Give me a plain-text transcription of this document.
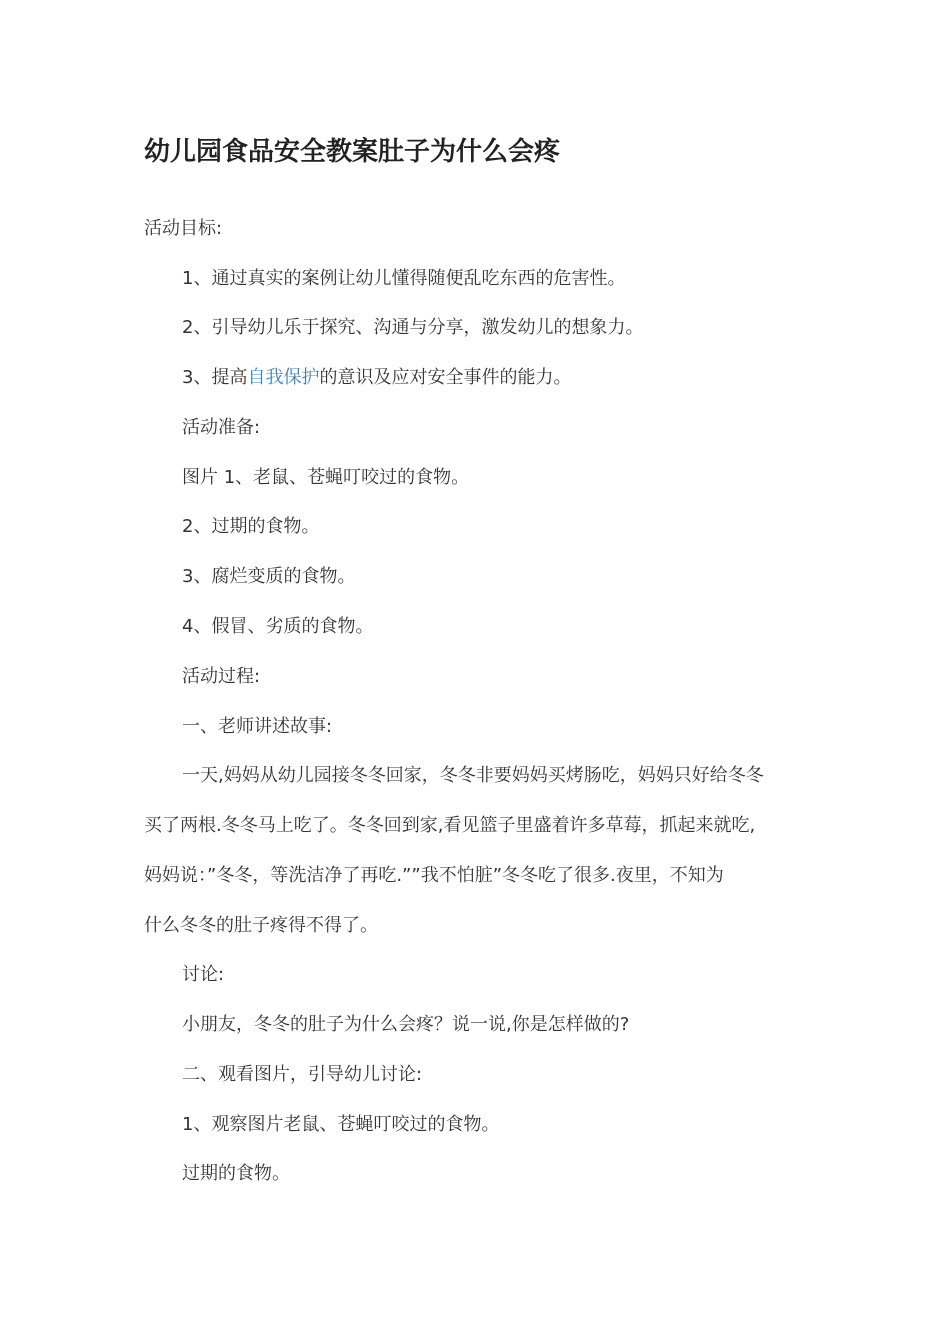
幼儿园食品安全教案肚子为什么会疼

活动目标:

1、通过真实的案例让幼儿懂得随便乱吃东西的危害性。

2、引导幼儿乐于探究、沟通与分享，激发幼儿的想象力。

3、提高自我保护的意识及应对安全事件的能力。

活动准备:

图片 1、老鼠、苍蝇叮咬过的食物。

2、过期的食物。

3、腐烂变质的食物。

4、假冒、劣质的食物。

活动过程:

一、老师讲述故事:

一天,妈妈从幼儿园接冬冬回家，冬冬非要妈妈买烤肠吃，妈妈只好给冬冬

买了两根.冬冬马上吃了。冬冬回到家,看见篮子里盛着许多草莓，抓起来就吃,

妈妈说：”冬冬，等洗洁净了再吃.””我不怕脏”冬冬吃了很多.夜里，不知为

什么冬冬的肚子疼得不得了。

讨论:

小朋友，冬冬的肚子为什么会疼？说一说,你是怎样做的?

二、观看图片，引导幼儿讨论:

1、观察图片老鼠、苍蝇叮咬过的食物。

过期的食物。
